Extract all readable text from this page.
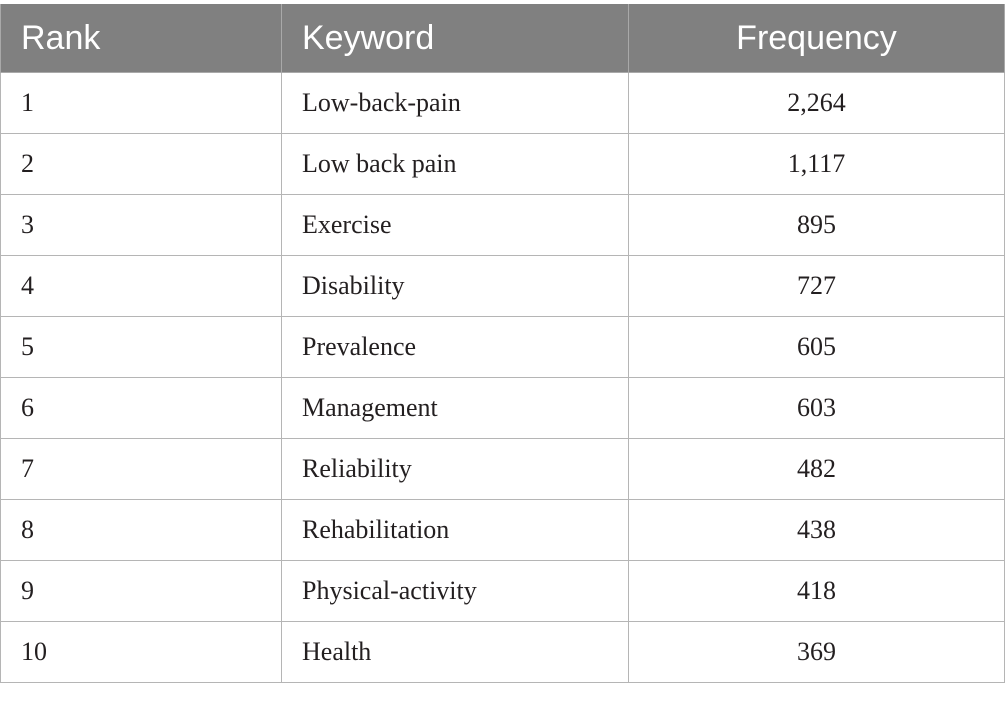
Rank	Keyword	Frequency
1	Low-back-pain	2,264
2	Low back pain	1,117
3	Exercise	895
4	Disability	727
5	Prevalence	605
6	Management	603
7	Reliability	482
8	Rehabilitation	438
9	Physical-activity	418
10	Health	369
